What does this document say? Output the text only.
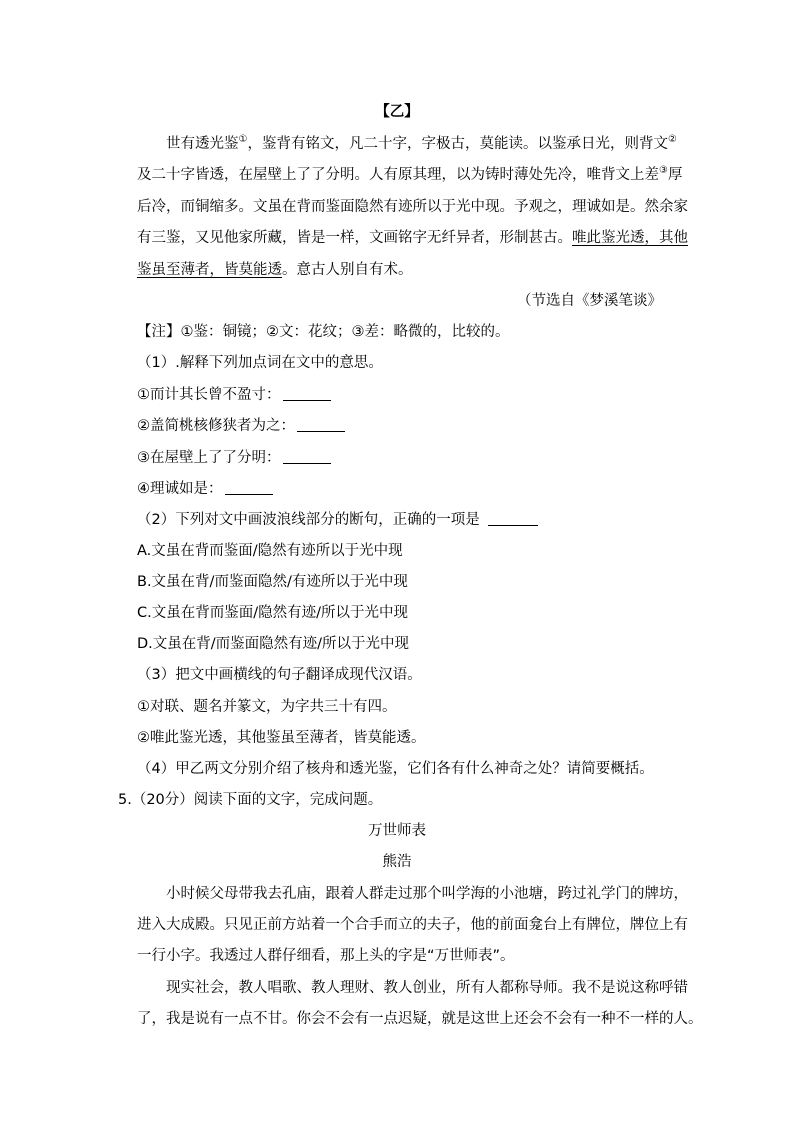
【乙】
世有透光鉴①，鉴背有铭文，凡二十字，字极古，莫能读。以鉴承日光，则背文②
及二十字皆透，在屋壁上了了分明。人有原其理，以为铸时薄处先冷，唯背文上差③厚
后冷，而铜缩多。文虽在背而鉴面隐然有迹所以于光中现。予观之，理诚如是。然余家
有三鉴，又见他家所藏，皆是一样，文画铭字无纤异者，形制甚古。唯此鉴光透，其他
鉴虽至薄者，皆莫能透。意古人别自有术。
（节选自《梦溪笔谈》
【注】①鉴：铜镜；②文：花纹；③差：略微的，比较的。
（1）.解释下列加点词在文中的意思。
①而计其长曾不盈寸：
②盖简桃核修狭者为之：
③在屋壁上了了分明：
④理诚如是：
（2）下列对文中画波浪线部分的断句，正确的一项是
A.文虽在背而鉴面/隐然有迹所以于光中现
B.文虽在背/而鉴面隐然/有迹所以于光中现
C.文虽在背而鉴面/隐然有迹/所以于光中现
D.文虽在背/而鉴面隐然有迹/所以于光中现
（3）把文中画横线的句子翻译成现代汉语。
①对联、题名并篆文，为字共三十有四。
②唯此鉴光透，其他鉴虽至薄者，皆莫能透。
（4）甲乙两文分别介绍了核舟和透光鉴，它们各有什么神奇之处？请简要概括。
5.（20分）阅读下面的文字，完成问题。
万世师表
熊浩
小时候父母带我去孔庙，跟着人群走过那个叫学海的小池塘，跨过礼学门的牌坊，
进入大成殿。只见正前方站着一个合手而立的夫子，他的前面龛台上有牌位，牌位上有
一行小字。我透过人群仔细看，那上头的字是“万世师表”。
现实社会，教人唱歌、教人理财、教人创业，所有人都称导师。我不是说这称呼错
了，我是说有一点不甘。你会不会有一点迟疑，就是这世上还会不会有一种不一样的人。
